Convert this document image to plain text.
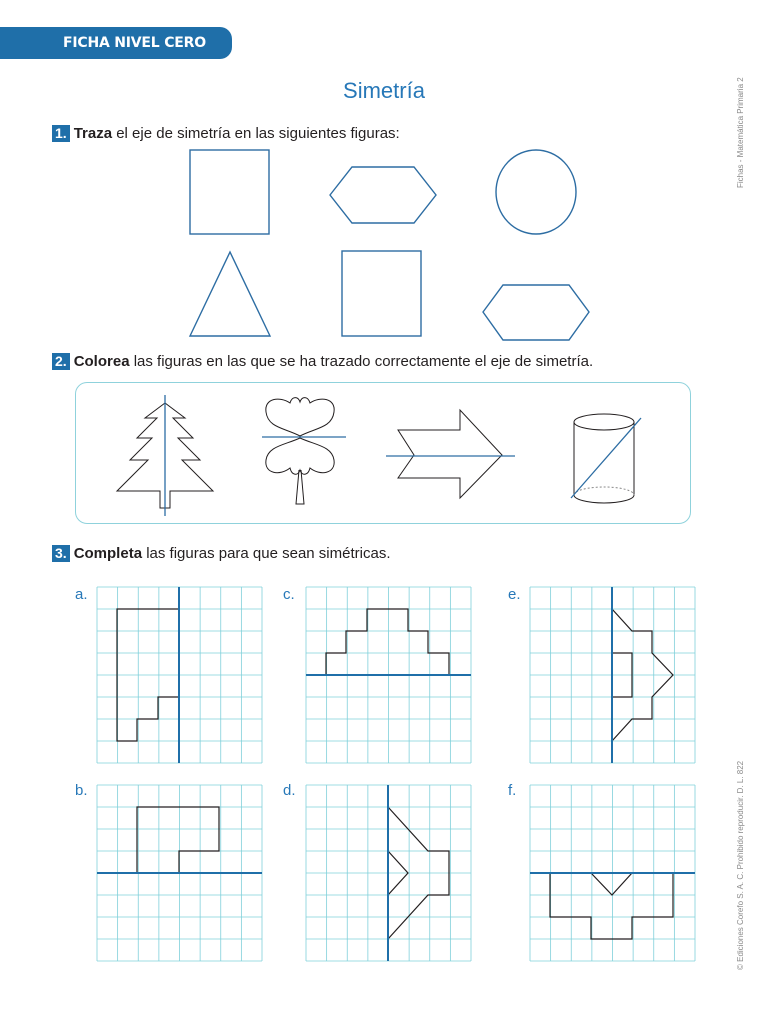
FICHA NIVEL CERO
Simetría	Fichas - Matemática Primaria 2
© Ediciones Corefo S. A. C. Prohibido reproducir. D. L. 822
1. Traza el eje de simetría en las siguientes figuras:
2. Colorea las figuras en las que se ha trazado correctamente el eje de simetría.
3. Completa las figuras para que sean simétricas.
a.
b.
c.
d.
e.
f.
